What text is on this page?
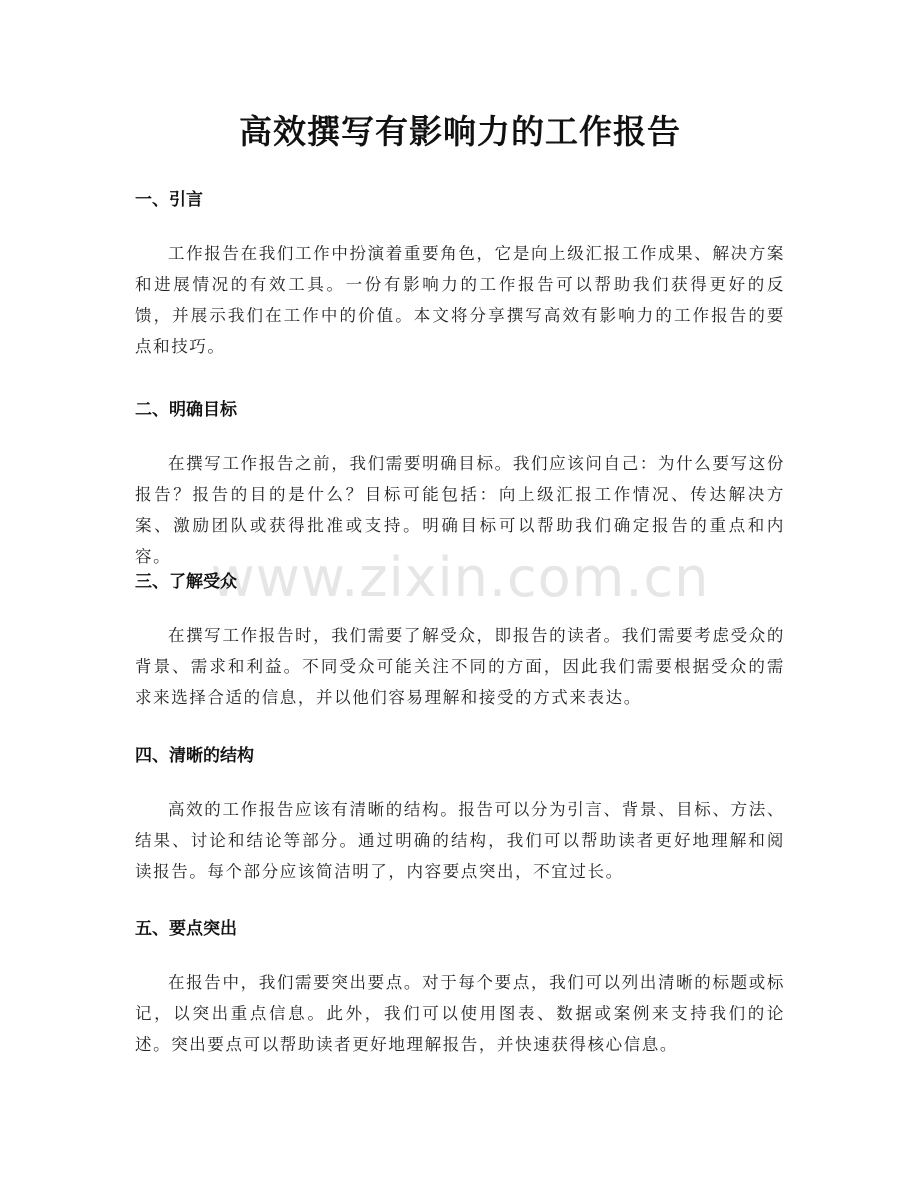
www.zixin.com.cn
高效撰写有影响力的工作报告
一、引言

工作报告在我们工作中扮演着重要角色，它是向上级汇报工作成果、解决方案和进展情况的有效工具。一份有影响力的工作报告可以帮助我们获得更好的反馈，并展示我们在工作中的价值。本文将分享撰写高效有影响力的工作报告的要点和技巧。

二、明确目标

在撰写工作报告之前，我们需要明确目标。我们应该问自己：为什么要写这份报告？报告的目的是什么？目标可能包括：向上级汇报工作情况、传达解决方案、激励团队或获得批准或支持。明确目标可以帮助我们确定报告的重点和内容。

三、了解受众

在撰写工作报告时，我们需要了解受众，即报告的读者。我们需要考虑受众的背景、需求和利益。不同受众可能关注不同的方面，因此我们需要根据受众的需求来选择合适的信息，并以他们容易理解和接受的方式来表达。

四、清晰的结构

高效的工作报告应该有清晰的结构。报告可以分为引言、背景、目标、方法、结果、讨论和结论等部分。通过明确的结构，我们可以帮助读者更好地理解和阅读报告。每个部分应该简洁明了，内容要点突出，不宜过长。

五、要点突出

在报告中，我们需要突出要点。对于每个要点，我们可以列出清晰的标题或标记，以突出重点信息。此外，我们可以使用图表、数据或案例来支持我们的论述。突出要点可以帮助读者更好地理解报告，并快速获得核心信息。
